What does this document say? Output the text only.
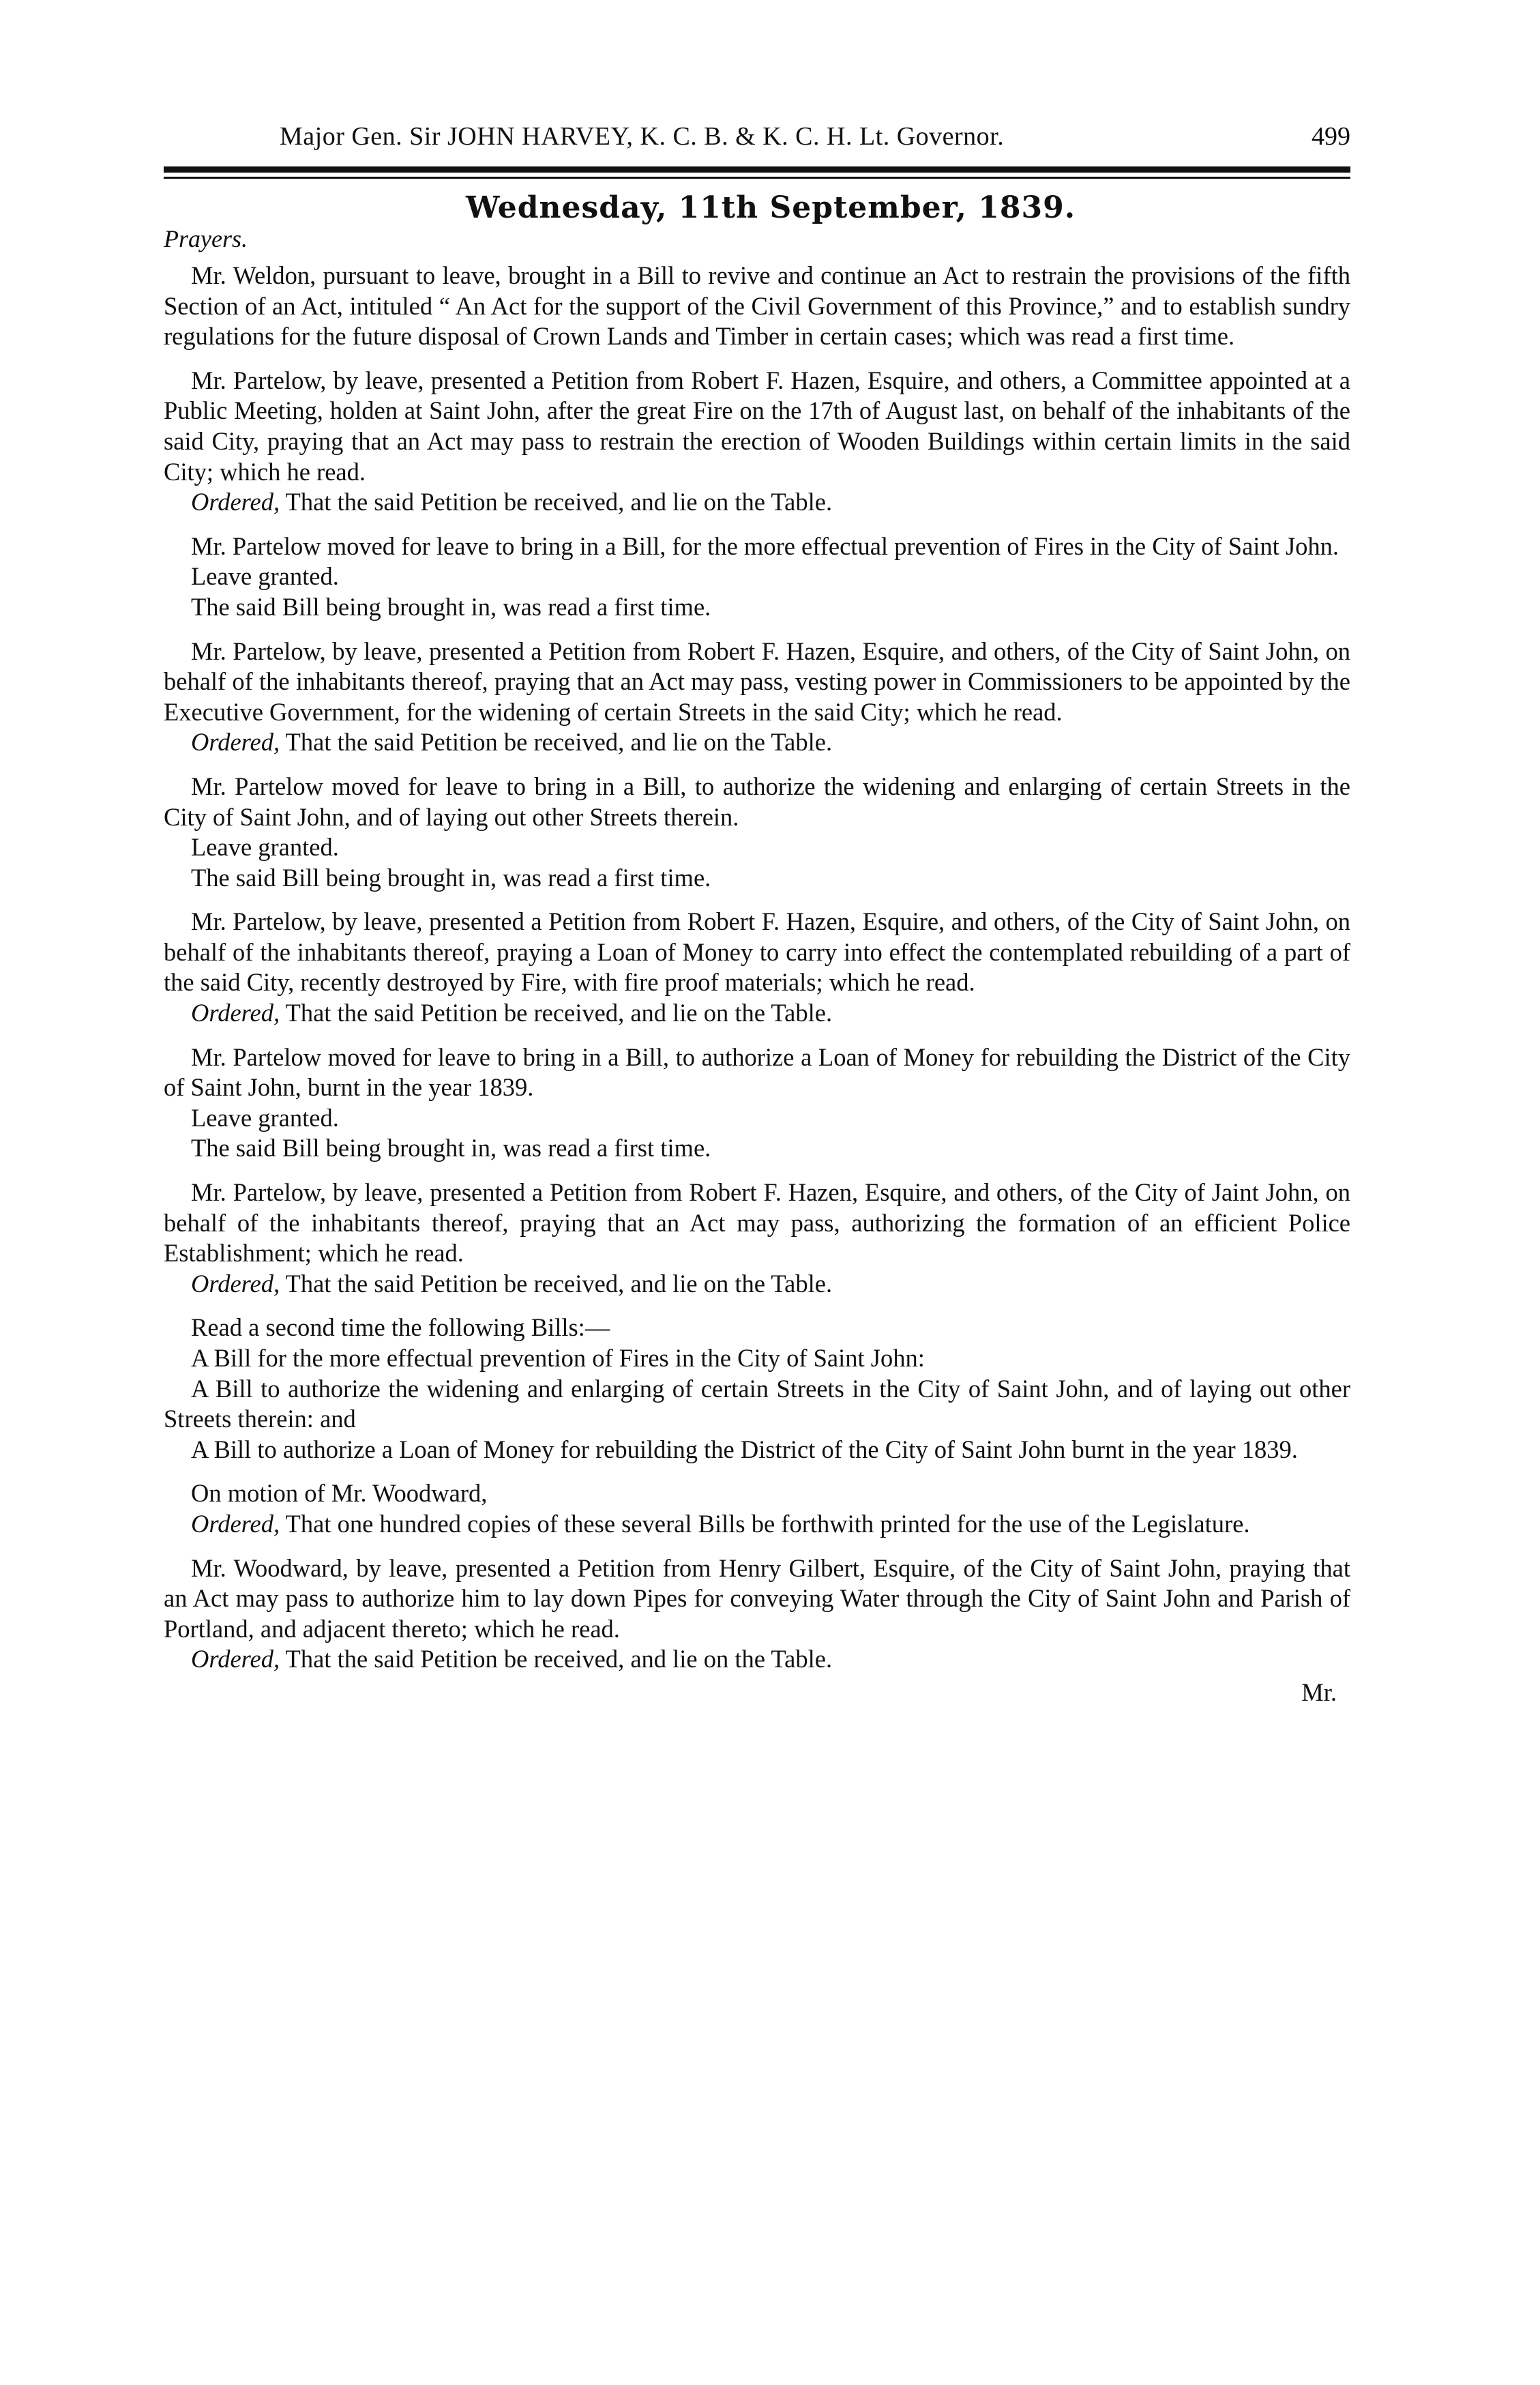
Major Gen. Sir JOHN HARVEY, K. C. B. & K. C. H. Lt. Governor.	499
Wednesday, 11th September, 1839.
Prayers.

Mr. Weldon, pursuant to leave, brought in a Bill to revive and continue an Act to restrain the provisions of the fifth Section of an Act, intituled “ An Act for the support of the Civil Government of this Province,” and to establish sundry regulations for the future disposal of Crown Lands and Timber in certain cases; which was read a first time.

Mr. Partelow, by leave, presented a Petition from Robert F. Hazen, Esquire, and others, a Committee appointed at a Public Meeting, holden at Saint John, after the great Fire on the 17th of August last, on behalf of the inhabitants of the said City, praying that an Act may pass to restrain the erection of Wooden Buildings within certain limits in the said City; which he read.

Ordered, That the said Petition be received, and lie on the Table.

Mr. Partelow moved for leave to bring in a Bill, for the more effectual prevention of Fires in the City of Saint John.

Leave granted.

The said Bill being brought in, was read a first time.

Mr. Partelow, by leave, presented a Petition from Robert F. Hazen, Esquire, and others, of the City of Saint John, on behalf of the inhabitants thereof, praying that an Act may pass, vesting power in Commissioners to be appointed by the Executive Government, for the widening of certain Streets in the said City; which he read.

Ordered, That the said Petition be received, and lie on the Table.

Mr. Partelow moved for leave to bring in a Bill, to authorize the widening and enlarging of certain Streets in the City of Saint John, and of laying out other Streets therein.

Leave granted.

The said Bill being brought in, was read a first time.

Mr. Partelow, by leave, presented a Petition from Robert F. Hazen, Esquire, and others, of the City of Saint John, on behalf of the inhabitants thereof, praying a Loan of Money to carry into effect the contemplated rebuilding of a part of the said City, recently destroyed by Fire, with fire proof materials; which he read.

Ordered, That the said Petition be received, and lie on the Table.

Mr. Partelow moved for leave to bring in a Bill, to authorize a Loan of Money for rebuilding the District of the City of Saint John, burnt in the year 1839.

Leave granted.

The said Bill being brought in, was read a first time.

Mr. Partelow, by leave, presented a Petition from Robert F. Hazen, Esquire, and others, of the City of Jaint John, on behalf of the inhabitants thereof, praying that an Act may pass, authorizing the formation of an efficient Police Establishment; which he read.

Ordered, That the said Petition be received, and lie on the Table.

Read a second time the following Bills:—

A Bill for the more effectual prevention of Fires in the City of Saint John:

A Bill to authorize the widening and enlarging of certain Streets in the City of Saint John, and of laying out other Streets therein: and

A Bill to authorize a Loan of Money for rebuilding the District of the City of Saint John burnt in the year 1839.

On motion of Mr. Woodward,

Ordered, That one hundred copies of these several Bills be forthwith printed for the use of the Legislature.

Mr. Woodward, by leave, presented a Petition from Henry Gilbert, Esquire, of the City of Saint John, praying that an Act may pass to authorize him to lay down Pipes for conveying Water through the City of Saint John and Parish of Portland, and adjacent thereto; which he read.

Ordered, That the said Petition be received, and lie on the Table.

Mr.
